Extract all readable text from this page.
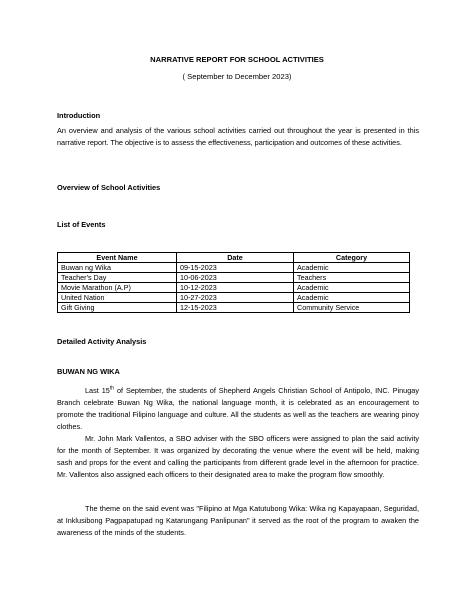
NARRATIVE REPORT FOR SCHOOL ACTIVITIES

( September to December 2023)

Introduction

An overview and analysis of the various school activities carried out throughout the year is presented in this narrative report. The objective is to assess the effectiveness, participation and outcomes of these activities.

Overview of School Activities

List of Events

Event Name	Date	Category
Buwan ng Wika	09-15-2023	Academic
Teacher's Day	10-06-2023	Teachers
Movie Marathon (A.P)	10-12-2023	Academic
United Nation	10-27-2023	Academic
Gift Giving	12-15-2023	Community Service

Detailed Activity Analysis

BUWAN NG WIKA

Last 15th of September, the students of Shepherd Angels Christian School of Antipolo, INC. Pinugay Branch celebrate Buwan Ng Wika, the national language month, it is celebrated as an encouragement to promote the traditional Filipino language and culture. All the students as well as the teachers are wearing pinoy clothes.

Mr. John Mark Vallentos, a SBO adviser with the SBO officers were assigned to plan the said activity for the month of September. It was organized by decorating the venue where the event will be held, making sash and props for the event and calling the participants from different grade level in the afternoon for practice. Mr. Vallentos also assigned each officers to their designated area to make the program flow smoothly.

The theme on the said event was "Filipino at Mga Katutubong Wika: Wika ng Kapayapaan, Seguridad, at Inklusibong Pagpapatupad ng Katarungang Panlipunan" it served as the root of the program to awaken the awareness of the minds of the students.
